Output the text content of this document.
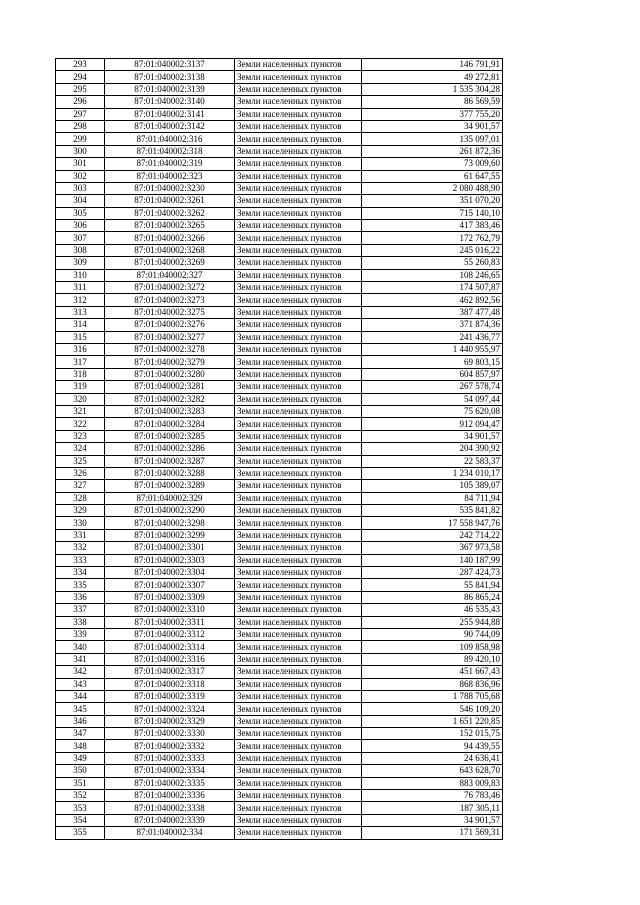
293	87:01:040002:3137	Земли населенных пунктов	146 791,91
294	87:01:040002:3138	Земли населенных пунктов	49 272,81
295	87:01:040002:3139	Земли населенных пунктов	1 535 304,28
296	87:01:040002:3140	Земли населенных пунктов	86 569,59
297	87:01:040002:3141	Земли населенных пунктов	377 755,20
298	87:01:040002:3142	Земли населенных пунктов	34 901,57
299	87:01:040002:316	Земли населенных пунктов	135 097,01
300	87:01:040002:318	Земли населенных пунктов	261 872,36
301	87:01:040002:319	Земли населенных пунктов	73 009,60
302	87:01:040002:323	Земли населенных пунктов	61 647,55
303	87:01:040002:3230	Земли населенных пунктов	2 080 488,90
304	87:01:040002:3261	Земли населенных пунктов	351 070,20
305	87:01:040002:3262	Земли населенных пунктов	715 140,10
306	87:01:040002:3265	Земли населенных пунктов	417 383,46
307	87:01:040002:3266	Земли населенных пунктов	172 762,79
308	87:01:040002:3268	Земли населенных пунктов	245 016,22
309	87:01:040002:3269	Земли населенных пунктов	55 260,83
310	87:01:040002:327	Земли населенных пунктов	108 246,65
311	87:01:040002:3272	Земли населенных пунктов	174 507,87
312	87:01:040002:3273	Земли населенных пунктов	462 892,56
313	87:01:040002:3275	Земли населенных пунктов	387 477,48
314	87:01:040002:3276	Земли населенных пунктов	371 874,36
315	87:01:040002:3277	Земли населенных пунктов	241 436,77
316	87:01:040002:3278	Земли населенных пунктов	1 440 955,97
317	87:01:040002:3279	Земли населенных пунктов	69 803,15
318	87:01:040002:3280	Земли населенных пунктов	604 857,97
319	87:01:040002:3281	Земли населенных пунктов	267 578,74
320	87:01:040002:3282	Земли населенных пунктов	54 097,44
321	87:01:040002:3283	Земли населенных пунктов	75 620,08
322	87:01:040002:3284	Земли населенных пунктов	912 094,47
323	87:01:040002:3285	Земли населенных пунктов	34 901,57
324	87:01:040002:3286	Земли населенных пунктов	204 390,92
325	87:01:040002:3287	Земли населенных пунктов	22 583,37
326	87:01:040002:3288	Земли населенных пунктов	1 234 010,17
327	87:01:040002:3289	Земли населенных пунктов	105 389,07
328	87:01:040002:329	Земли населенных пунктов	84 711,94
329	87:01:040002:3290	Земли населенных пунктов	535 841,82
330	87:01:040002:3298	Земли населенных пунктов	17 558 947,76
331	87:01:040002:3299	Земли населенных пунктов	242 714,22
332	87:01:040002:3301	Земли населенных пунктов	367 973,58
333	87:01:040002:3303	Земли населенных пунктов	140 187,99
334	87:01:040002:3304	Земли населенных пунктов	287 424,73
335	87:01:040002:3307	Земли населенных пунктов	55 841,94
336	87:01:040002:3309	Земли населенных пунктов	86 865,24
337	87:01:040002:3310	Земли населенных пунктов	46 535,43
338	87:01:040002:3311	Земли населенных пунктов	255 944,88
339	87:01:040002:3312	Земли населенных пунктов	90 744,09
340	87:01:040002:3314	Земли населенных пунктов	109 858,98
341	87:01:040002:3316	Земли населенных пунктов	89 420,10
342	87:01:040002:3317	Земли населенных пунктов	451 667,43
343	87:01:040002:3318	Земли населенных пунктов	868 836,96
344	87:01:040002:3319	Земли населенных пунктов	1 788 705,68
345	87:01:040002:3324	Земли населенных пунктов	546 109,20
346	87:01:040002:3329	Земли населенных пунктов	1 651 220,85
347	87:01:040002:3330	Земли населенных пунктов	152 015,75
348	87:01:040002:3332	Земли населенных пунктов	94 439,55
349	87:01:040002:3333	Земли населенных пунктов	24 636,41
350	87:01:040002:3334	Земли населенных пунктов	643 628,70
351	87:01:040002:3335	Земли населенных пунктов	883 009,83
352	87:01:040002:3336	Земли населенных пунктов	76 783,46
353	87:01:040002:3338	Земли населенных пунктов	187 305,11
354	87:01:040002:3339	Земли населенных пунктов	34 901,57
355	87:01:040002:334	Земли населенных пунктов	171 569,31
